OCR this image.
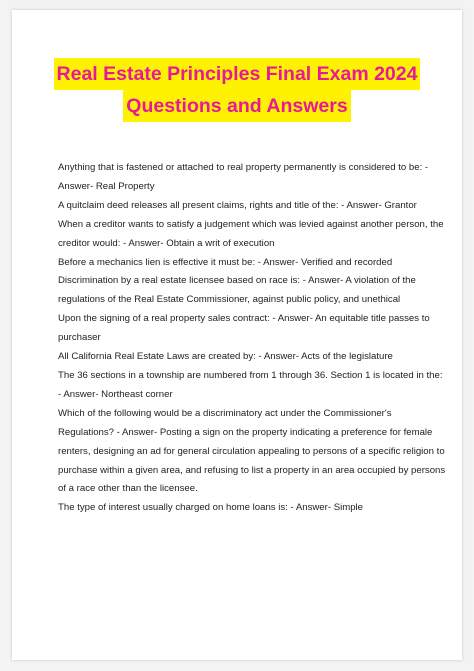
Real Estate Principles Final Exam 2024
Questions and Answers

Anything that is fastened or attached to real property permanently is considered to be: - Answer- Real Property

A quitclaim deed releases all present claims, rights and title of the: - Answer- Grantor

When a creditor wants to satisfy a judgement which was levied against another person, the creditor would: - Answer- Obtain a writ of execution

Before a mechanics lien is effective it must be: - Answer- Verified and recorded

Discrimination by a real estate licensee based on race is: - Answer- A violation of the regulations of the Real Estate Commissioner, against public policy, and unethical

Upon the signing of a real property sales contract: - Answer- An equitable title passes to purchaser

All California Real Estate Laws are created by: - Answer- Acts of the legislature

The 36 sections in a township are numbered from 1 through 36. Section 1 is located in the: - Answer- Northeast corner

Which of the following would be a discriminatory act under the Commissioner's Regulations? - Answer- Posting a sign on the property indicating a preference for female renters, designing an ad for general circulation appealing to persons of a specific religion to purchase within a given area, and refusing to list a property in an area occupied by persons of a race other than the licensee.

The type of interest usually charged on home loans is: - Answer- Simple
